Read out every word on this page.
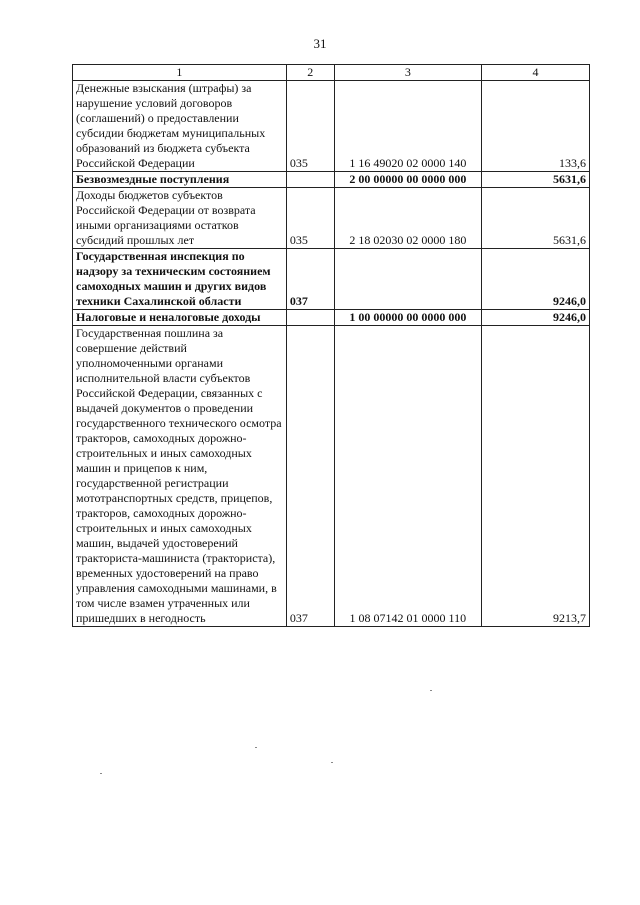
31
1	2	3	4
Денежные взыскания (штрафы) за нарушение условий договоров (соглашений) о предоставлении субсидии бюджетам муниципальных образований из бюджета субъекта Российской Федерации	035	1 16 49020 02 0000 140	133,6
Безвозмездные поступления		2 00 00000 00 0000 000	5631,6
Доходы бюджетов субъектов Российской Федерации от возврата иными организациями остатков субсидий прошлых лет	035	2 18 02030 02 0000 180	5631,6
Государственная инспекция по надзору за техническим состоянием самоходных машин и других видов техники Сахалинской области	037		9246,0
Налоговые и неналоговые доходы		1 00 00000 00 0000 000	9246,0
Государственная пошлина за совершение действий уполномоченными органами исполнительной власти субъектов Российской Федерации, связанных с выдачей документов о проведении государственного технического осмотра тракторов, самоходных дорожно-строительных и иных самоходных машин и прицепов к ним, государственной регистрации мототранспортных средств, прицепов, тракторов, самоходных дорожно-строительных и иных самоходных машин, выдачей удостоверений тракториста-машиниста (тракториста), временных удостоверений на право управления самоходными машинами, в том числе взамен утраченных или пришедших в негодность	037	1 08 07142 01 0000 110	9213,7
